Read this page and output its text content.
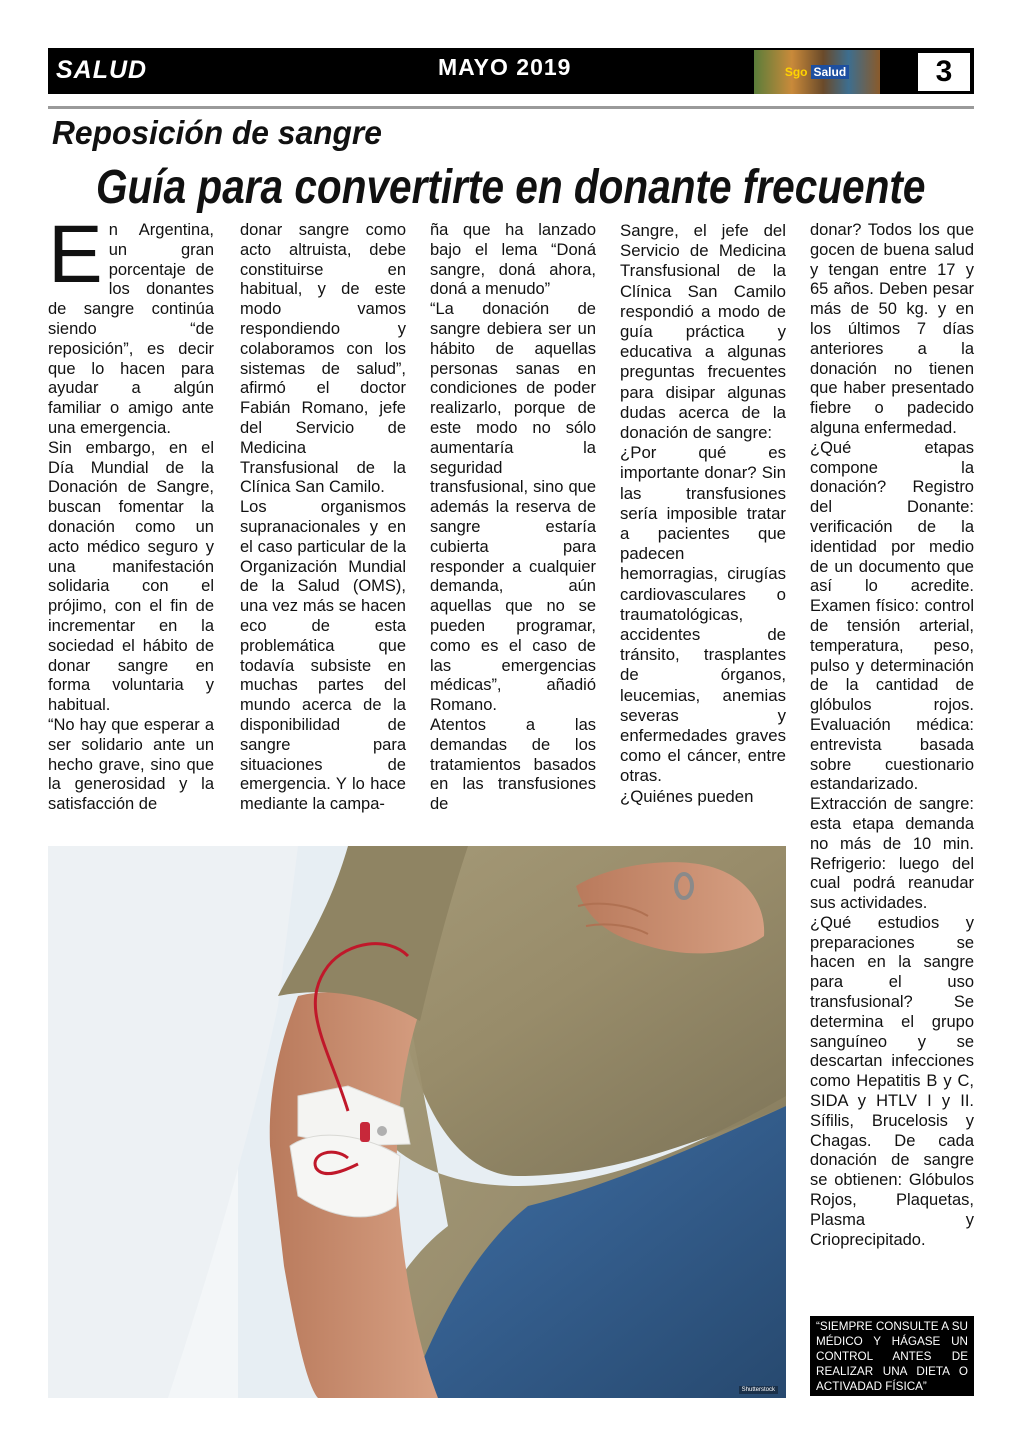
SALUD	MAYO 2019	Sgo Salud	3
Reposición de sangre
Guía para convertirte en donante frecuente
E n Argentina, un gran porcentaje de los donantes de sangre continúa siendo “de reposición”, es decir que lo hacen para ayudar a algún familiar o amigo ante una emergencia.

Sin embargo, en el Día Mundial de la Donación de Sangre, buscan fomentar la donación como un acto médico seguro y una manifestación solidaria con el prójimo, con el fin de incrementar en la sociedad el hábito de donar sangre en forma voluntaria y habitual.

“No hay que esperar a ser solidario ante un hecho grave, sino que la generosidad y la satisfacción de

donar sangre como acto altruista, debe constituirse en habitual, y de este modo vamos respondiendo y colaboramos con los sistemas de salud”, afirmó el doctor Fabián Romano, jefe del Servicio de Medicina Transfusional de la Clínica San Camilo.

Los organismos supranacionales y en el caso particular de la Organización Mundial de la Salud (OMS), una vez más se hacen eco de esta problemática que todavía subsiste en muchas partes del mundo acerca de la disponibilidad de sangre para situaciones de emergencia. Y lo hace mediante la campa-

ña que ha lanzado bajo el lema “Doná sangre, doná ahora, doná a menudo”

“La donación de sangre debiera ser un hábito de aquellas personas sanas en condiciones de poder realizarlo, porque de este modo no sólo aumentaría la seguridad transfusional, sino que además la reserva de sangre estaría cubierta para responder a cualquier demanda, aún aquellas que no se pueden programar, como es el caso de las emergencias médicas”, añadió Romano.

Atentos a las demandas de los tratamientos basados en las transfusiones de

Sangre, el jefe del Servicio de Medicina Transfusional de la Clínica San Camilo respondió a modo de guía práctica y educativa a algunas preguntas frecuentes para disipar algunas dudas acerca de la donación de sangre:

¿Por qué es importante donar? Sin las transfusiones sería imposible tratar a pacientes que padecen hemorragias, cirugías cardiovasculares o traumatológicas, accidentes de tránsito, trasplantes de órganos, leucemias, anemias severas y enfermedades graves como el cáncer, entre otras.

¿Quiénes pueden

donar? Todos los que gocen de buena salud y tengan entre 17 y 65 años. Deben pesar más de 50 kg. y en los últimos 7 días anteriores a la donación no tienen que haber presentado fiebre o padecido alguna enfermedad.

¿Qué etapas compone la donación? Registro del Donante: verificación de la identidad por medio de un documento que así lo acredite. Examen físico: control de tensión arterial, temperatura, peso, pulso y determinación de la cantidad de glóbulos rojos. Evaluación médica: entrevista basada sobre cuestionario estandarizado. Extracción de sangre: esta etapa demanda no más de 10 min. Refrigerio: luego del cual podrá reanudar sus actividades.

¿Qué estudios y preparaciones se hacen en la sangre para el uso transfusional? Se determina el grupo sanguíneo y se descartan infecciones como Hepatitis B y C, SIDA y HTLV I y II. Sífilis, Brucelosis y Chagas. De cada donación de sangre se obtienen: Glóbulos Rojos, Plaquetas, Plasma y Crioprecipitado.

Shutterstock
“SIEMPRE CONSULTE A SU MÉDICO Y HÁGASE UN CONTROL ANTES DE REALIZAR UNA DIETA O ACTIVADAD FÍSICA”
